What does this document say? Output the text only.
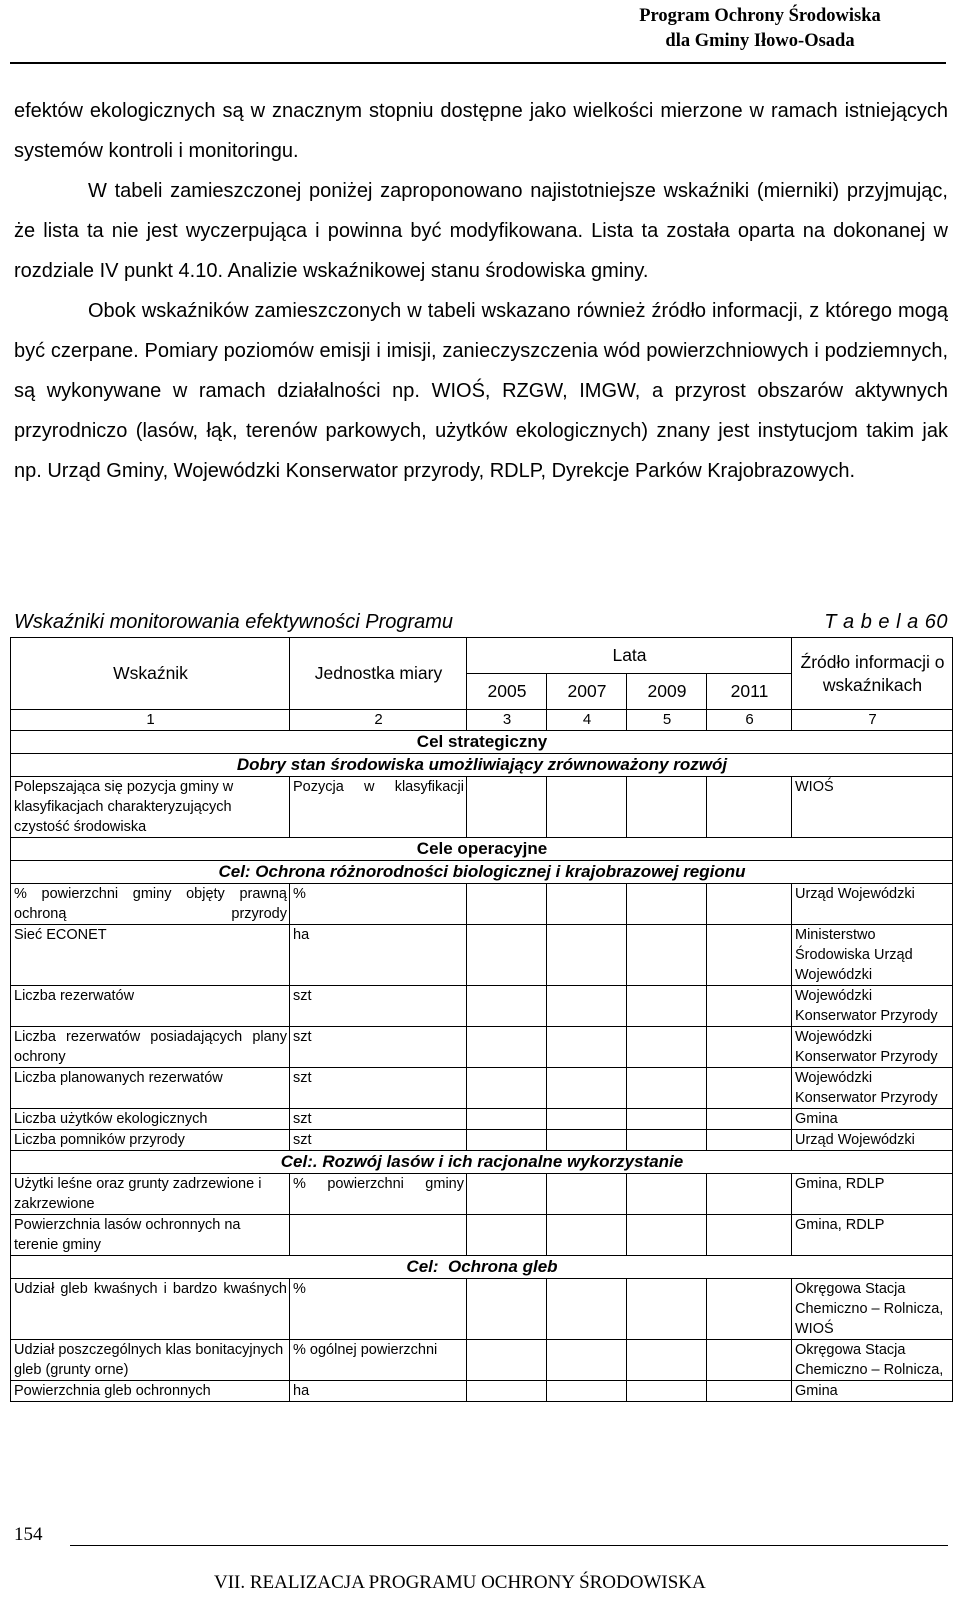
Program Ochrony Środowiska
dla Gminy Iłowo-Osada

efektów ekologicznych są w znacznym stopniu dostępne jako wielkości mierzone w ramach istniejących systemów kontroli i monitoringu.

W tabeli zamieszczonej poniżej zaproponowano najistotniejsze wskaźniki (mierniki) przyjmując, że lista ta nie jest wyczerpująca i powinna być modyfikowana. Lista ta została oparta na dokonanej w rozdziale IV punkt 4.10. Analizie wskaźnikowej stanu środowiska gminy.

Obok wskaźników zamieszczonych w tabeli wskazano również źródło informacji, z którego mogą być czerpane. Pomiary poziomów emisji i imisji, zanieczyszczenia wód powierzchniowych i podziemnych, są wykonywane w ramach działalności np. WIOŚ, RZGW, IMGW, a przyrost obszarów aktywnych przyrodniczo (lasów, łąk, terenów parkowych, użytków ekologicznych) znany jest instytucjom takim jak np. Urząd Gminy, Wojewódzki Konserwator przyrody, RDLP, Dyrekcje Parków Krajobrazowych.

Wskaźniki monitorowania efektywności Programu	T a b e l a 60
Wskaźnik	Jednostka miary	Lata				Źródło informacji o wskaźnikach
		2005	2007	2009	2011	
1	2	3	4	5	6	7
Cel strategiczny						
Dobry stan środowiska umożliwiający zrównoważony rozwój						
Polepszająca się pozycja gminy w klasyfikacjach charakteryzujących czystość środowiska	Pozycja w klasyfikacji					WIOŚ
Cele operacyjne						
Cel: Ochrona różnorodności biologicznej i krajobrazowej regionu						
% powierzchni gminy objęty prawną ochroną przyrody	%					Urząd Wojewódzki
Sieć ECONET	ha					Ministerstwo Środowiska Urząd Wojewódzki
Liczba rezerwatów	szt					Wojewódzki Konserwator Przyrody
Liczba rezerwatów posiadających plany ochrony	szt					Wojewódzki Konserwator Przyrody
Liczba planowanych rezerwatów	szt					Wojewódzki Konserwator Przyrody
Liczba użytków ekologicznych	szt					Gmina
Liczba pomników przyrody	szt					Urząd Wojewódzki
Cel:. Rozwój lasów i ich racjonalne wykorzystanie						
Użytki leśne oraz grunty zadrzewione i zakrzewione	% powierzchni gminy					Gmina, RDLP
Powierzchnia lasów ochronnych na terenie gminy						Gmina, RDLP
Cel:  Ochrona gleb						
Udział gleb kwaśnych i bardzo kwaśnych	%					Okręgowa Stacja Chemiczno – Rolnicza, WIOŚ
Udział poszczególnych klas bonitacyjnych gleb (grunty orne)	% ogólnej powierzchni					Okręgowa Stacja Chemiczno – Rolnicza,
Powierzchnia gleb ochronnych	ha					Gmina
154
VII. REALIZACJA PROGRAMU OCHRONY ŚRODOWISKA
